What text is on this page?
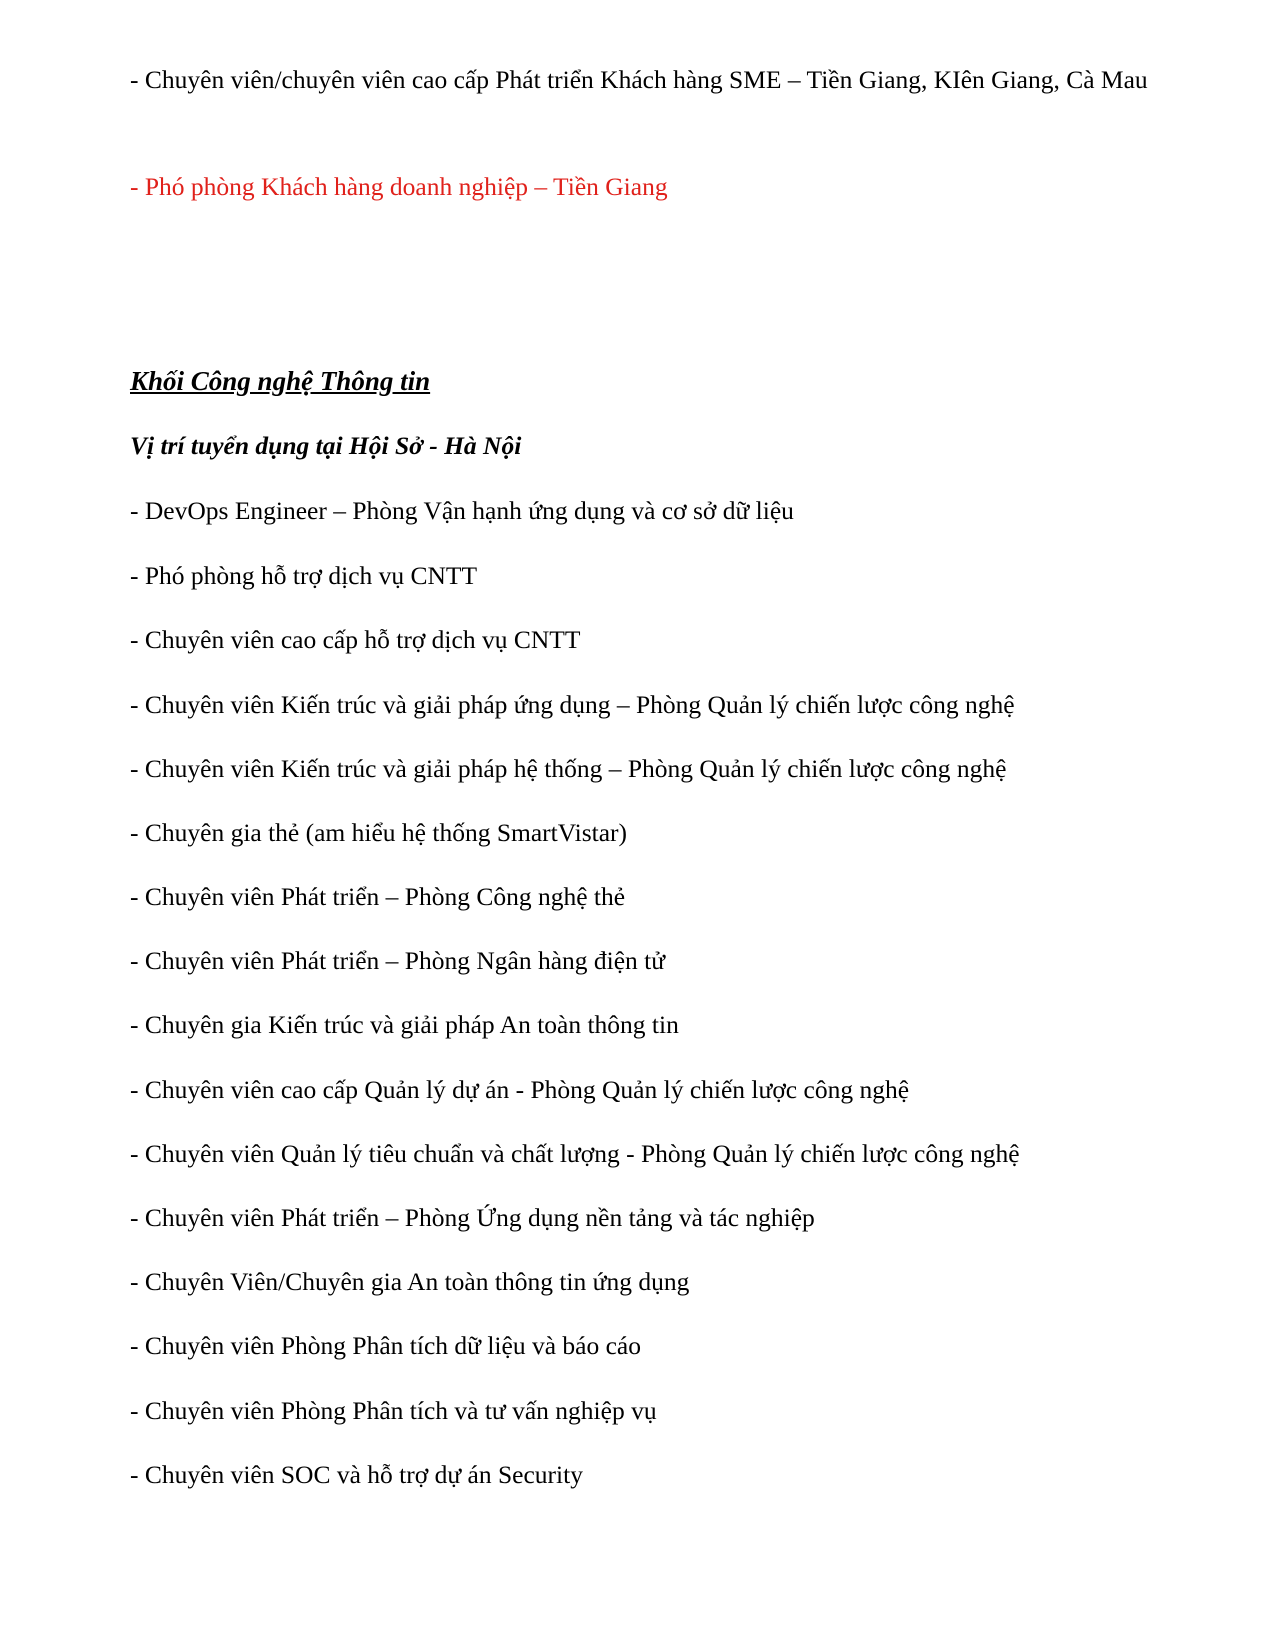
- Chuyên viên/chuyên viên cao cấp Phát triển Khách hàng SME – Tiền Giang, KIên Giang, Cà Mau
- Phó phòng Khách hàng doanh nghiệp – Tiền Giang
Khối Công nghệ Thông tin
Vị trí tuyển dụng tại Hội Sở - Hà Nội
- DevOps Engineer – Phòng Vận hạnh ứng dụng và cơ sở dữ liệu
- Phó phòng hỗ trợ dịch vụ CNTT
- Chuyên viên cao cấp hỗ trợ dịch vụ CNTT
- Chuyên viên Kiến trúc và giải pháp ứng dụng – Phòng Quản lý chiến lược công nghệ
- Chuyên viên Kiến trúc và giải pháp hệ thống – Phòng Quản lý chiến lược công nghệ
- Chuyên gia thẻ (am hiểu hệ thống SmartVistar)
- Chuyên viên Phát triển – Phòng Công nghệ thẻ
- Chuyên viên Phát triển – Phòng Ngân hàng điện tử
- Chuyên gia Kiến trúc và giải pháp An toàn thông tin
- Chuyên viên cao cấp Quản lý dự án - Phòng Quản lý chiến lược công nghệ
- Chuyên viên Quản lý tiêu chuẩn và chất lượng - Phòng Quản lý chiến lược công nghệ
- Chuyên viên Phát triển – Phòng Ứng dụng nền tảng và tác nghiệp
- Chuyên Viên/Chuyên gia An toàn thông tin ứng dụng
- Chuyên viên Phòng Phân tích dữ liệu và báo cáo
- Chuyên viên Phòng Phân tích và tư vấn nghiệp vụ
- Chuyên viên SOC và hỗ trợ dự án Security
